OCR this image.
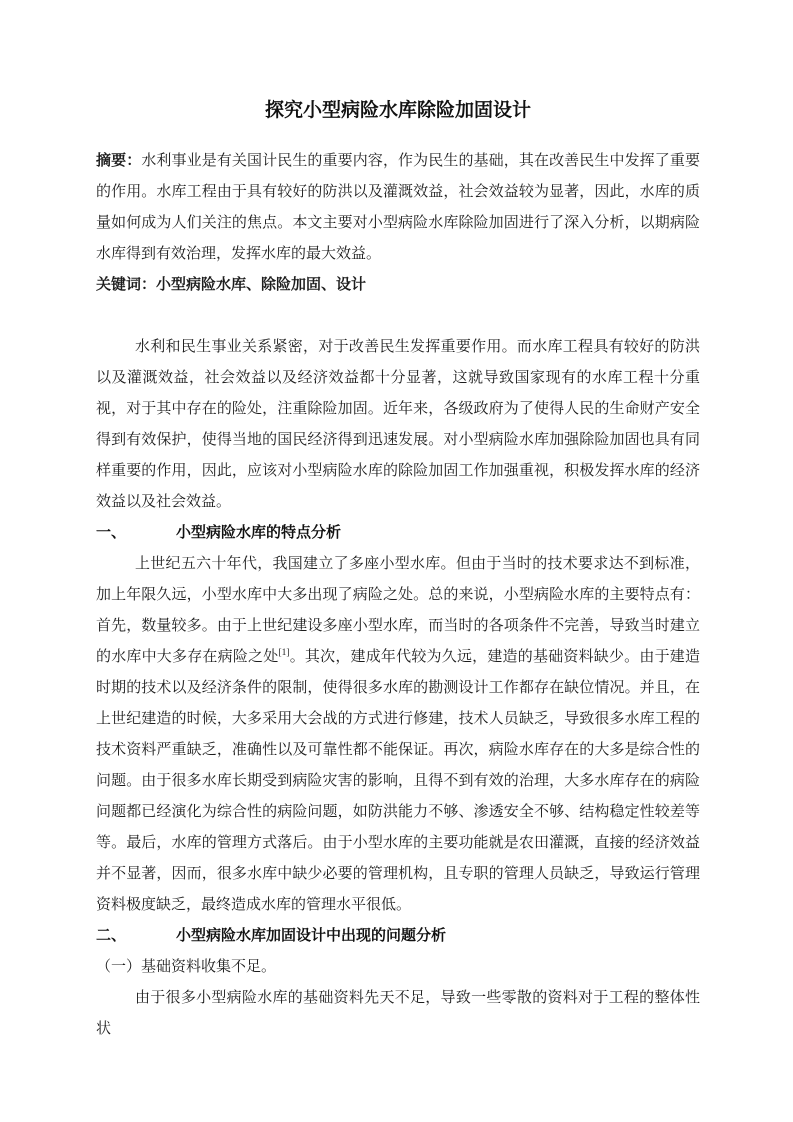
探究小型病险水库除险加固设计

摘要：水利事业是有关国计民生的重要内容，作为民生的基础，其在改善民生中发挥了重要的作用。水库工程由于具有较好的防洪以及灌溉效益，社会效益较为显著，因此，水库的质量如何成为人们关注的焦点。本文主要对小型病险水库除险加固进行了深入分析，以期病险水库得到有效治理，发挥水库的最大效益。

关键词：小型病险水库、除险加固、设计

水利和民生事业关系紧密，对于改善民生发挥重要作用。而水库工程具有较好的防洪以及灌溉效益，社会效益以及经济效益都十分显著，这就导致国家现有的水库工程十分重视，对于其中存在的险处，注重除险加固。近年来，各级政府为了使得人民的生命财产安全得到有效保护，使得当地的国民经济得到迅速发展。对小型病险水库加强除险加固也具有同样重要的作用，因此，应该对小型病险水库的除险加固工作加强重视，积极发挥水库的经济效益以及社会效益。

一、	小型病险水库的特点分析

上世纪五六十年代，我国建立了多座小型水库。但由于当时的技术要求达不到标准，加上年限久远，小型水库中大多出现了病险之处。总的来说，小型病险水库的主要特点有：首先，数量较多。由于上世纪建设多座小型水库，而当时的各项条件不完善，导致当时建立的水库中大多存在病险之处[1]。其次，建成年代较为久远，建造的基础资料缺少。由于建造时期的技术以及经济条件的限制，使得很多水库的勘测设计工作都存在缺位情况。并且，在上世纪建造的时候，大多采用大会战的方式进行修建，技术人员缺乏，导致很多水库工程的技术资料严重缺乏，准确性以及可靠性都不能保证。再次，病险水库存在的大多是综合性的问题。由于很多水库长期受到病险灾害的影响，且得不到有效的治理，大多水库存在的病险问题都已经演化为综合性的病险问题，如防洪能力不够、渗透安全不够、结构稳定性较差等等。最后，水库的管理方式落后。由于小型水库的主要功能就是农田灌溉，直接的经济效益并不显著，因而，很多水库中缺少必要的管理机构，且专职的管理人员缺乏，导致运行管理资料极度缺乏，最终造成水库的管理水平很低。

二、	小型病险水库加固设计中出现的问题分析

（一）基础资料收集不足。

由于很多小型病险水库的基础资料先天不足，导致一些零散的资料对于工程的整体性状
